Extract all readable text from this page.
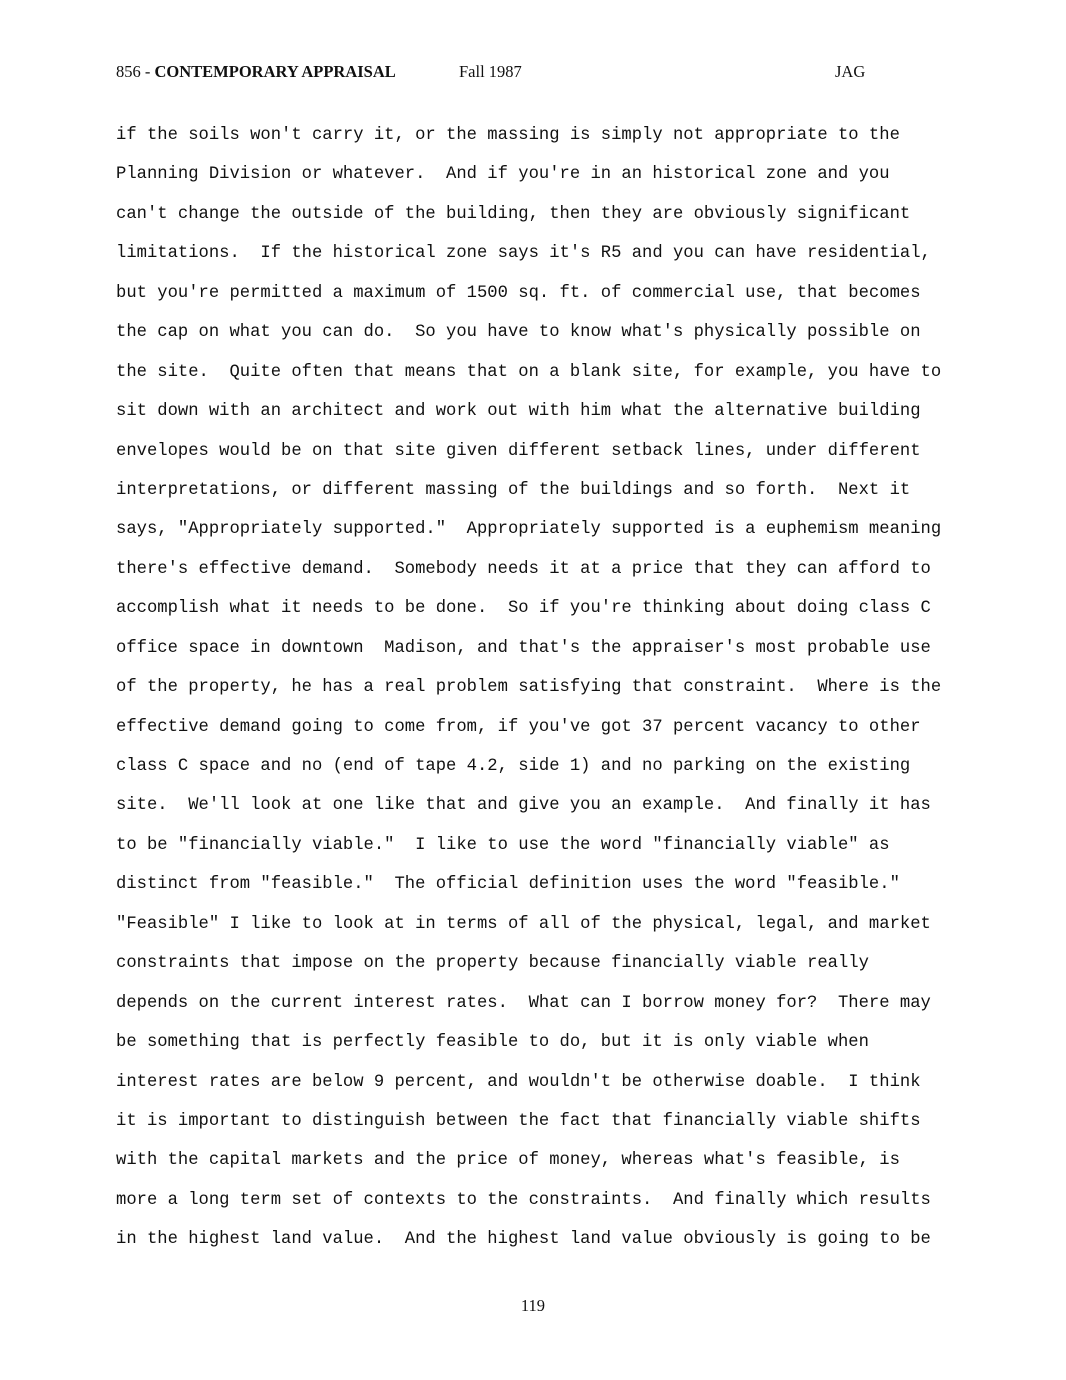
856 - CONTEMPORARY APPRAISAL	Fall 1987	JAG
if the soils won't carry it, or the massing is simply not appropriate to the
Planning Division or whatever.  And if you're in an historical zone and you
can't change the outside of the building, then they are obviously significant
limitations.  If the historical zone says it's R5 and you can have residential,
but you're permitted a maximum of 1500 sq. ft. of commercial use, that becomes
the cap on what you can do.  So you have to know what's physically possible on
the site.  Quite often that means that on a blank site, for example, you have to
sit down with an architect and work out with him what the alternative building
envelopes would be on that site given different setback lines, under different
interpretations, or different massing of the buildings and so forth.  Next it
says, "Appropriately supported."  Appropriately supported is a euphemism meaning
there's effective demand.  Somebody needs it at a price that they can afford to
accomplish what it needs to be done.  So if you're thinking about doing class C
office space in downtown  Madison, and that's the appraiser's most probable use
of the property, he has a real problem satisfying that constraint.  Where is the
effective demand going to come from, if you've got 37 percent vacancy to other
class C space and no (end of tape 4.2, side 1) and no parking on the existing
site.  We'll look at one like that and give you an example.  And finally it has
to be "financially viable."  I like to use the word "financially viable" as
distinct from "feasible."  The official definition uses the word "feasible."
"Feasible" I like to look at in terms of all of the physical, legal, and market
constraints that impose on the property because financially viable really
depends on the current interest rates.  What can I borrow money for?  There may
be something that is perfectly feasible to do, but it is only viable when
interest rates are below 9 percent, and wouldn't be otherwise doable.  I think
it is important to distinguish between the fact that financially viable shifts
with the capital markets and the price of money, whereas what's feasible, is
more a long term set of contexts to the constraints.  And finally which results
in the highest land value.  And the highest land value obviously is going to be
119
